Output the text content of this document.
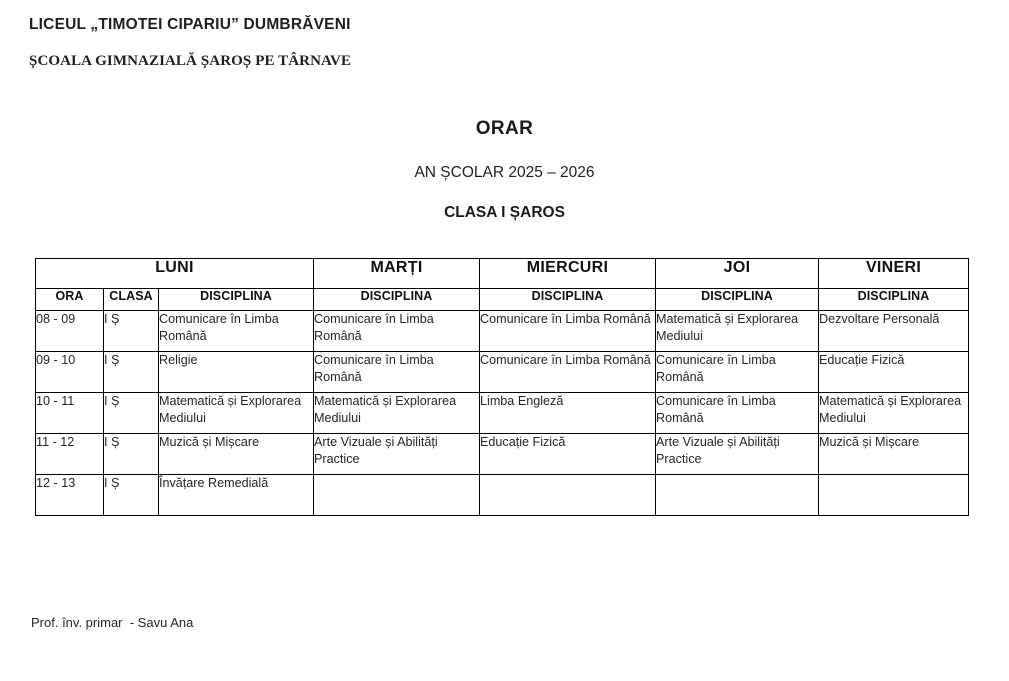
LICEUL „TIMOTEI CIPARIU” DUMBRĂVENI
ȘCOALA GIMNAZIALĂ ȘAROȘ PE TÂRNAVE
ORAR
AN ȘCOLAR 2025 – 2026
CLASA I ȘAROS
LUNI			MARȚI	MIERCURI	JOI	VINERI
ORA	CLASA	DISCIPLINA	DISCIPLINA	DISCIPLINA	DISCIPLINA	DISCIPLINA
08 - 09	I Ș	Comunicare în Limba Română	Comunicare în Limba Română	Comunicare în Limba Română	Matematică și Explorarea Mediului	Dezvoltare Personală
09 - 10	I Ș	Religie	Comunicare în Limba Română	Comunicare în Limba Română	Comunicare în Limba Română	Educație Fizică
10 - 11	I Ș	Matematică și Explorarea Mediului	Matematică și Explorarea Mediului	Limba Engleză	Comunicare în Limba Română	Matematică și Explorarea Mediului
11 - 12	I Ș	Muzică și Mișcare	Arte Vizuale și Abilități Practice	Educație Fizică	Arte Vizuale și Abilități Practice	Muzică și Mișcare
12 - 13	I Ș	Învățare Remedială				
Prof. înv. primar  - Savu Ana
